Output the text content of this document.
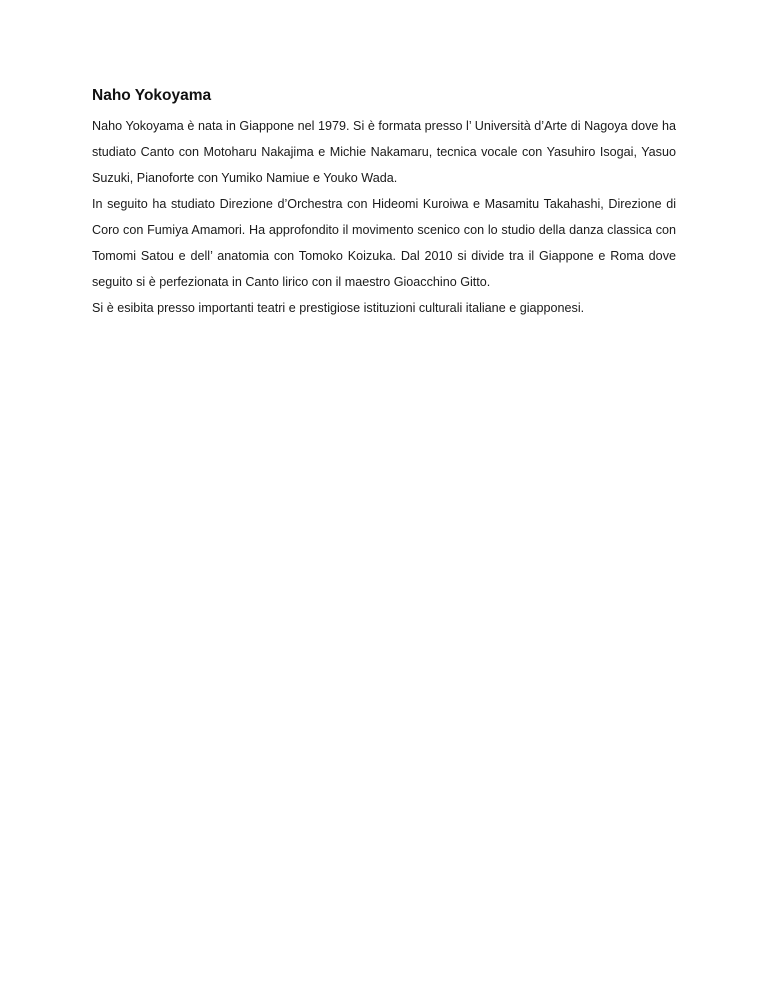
Naho Yokoyama

Naho Yokoyama è nata in Giappone nel 1979. Si è formata presso l’ Università d’Arte di Nagoya dove ha studiato Canto con Motoharu Nakajima e Michie Nakamaru, tecnica vocale con Yasuhiro Isogai, Yasuo Suzuki, Pianoforte con Yumiko Namiue e Youko Wada.

In seguito ha studiato Direzione d’Orchestra con Hideomi Kuroiwa e Masamitu Takahashi, Direzione di Coro con Fumiya Amamori. Ha approfondito il movimento scenico con lo studio della danza classica con Tomomi Satou e dell’ anatomia con Tomoko Koizuka. Dal 2010 si divide tra il Giappone e Roma dove seguito si è perfezionata in Canto lirico con il maestro Gioacchino Gitto.

Si è esibita presso importanti teatri e prestigiose istituzioni culturali italiane e giapponesi.
